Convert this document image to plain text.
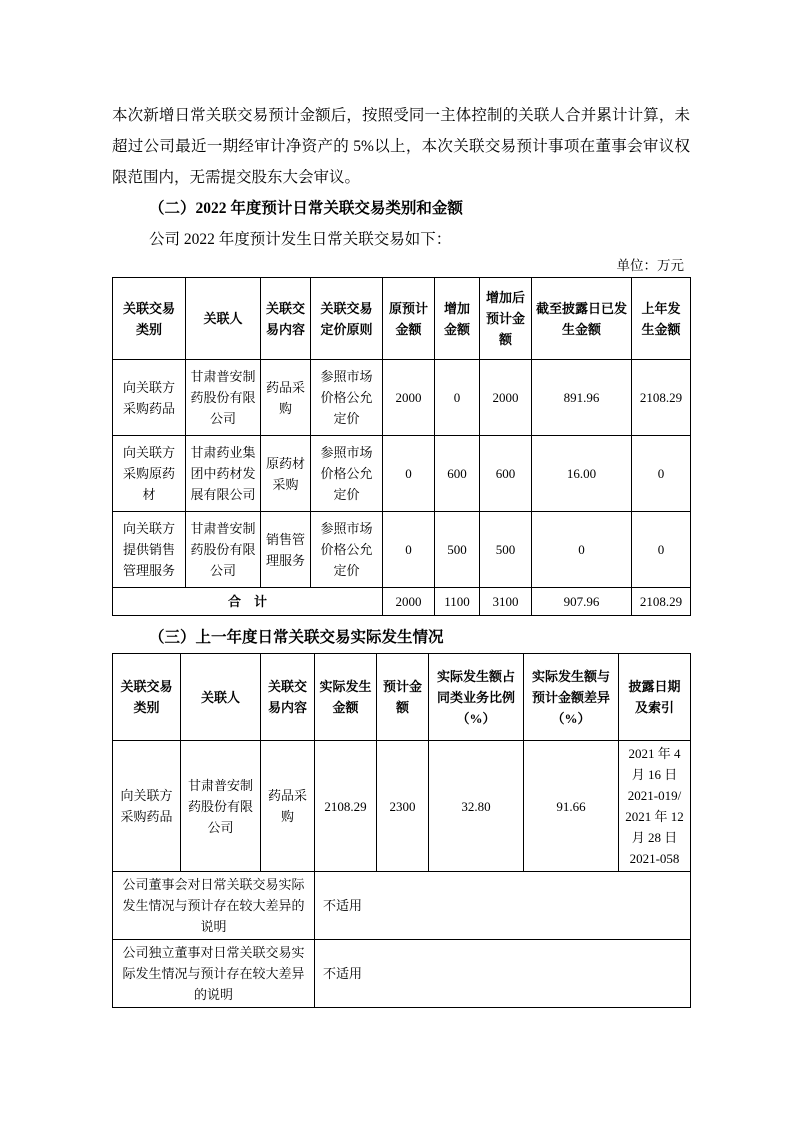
本次新增日常关联交易预计金额后，按照受同一主体控制的关联人合并累计计算，未超过公司最近一期经审计净资产的 5%以上，本次关联交易预计事项在董事会审议权限范围内，无需提交股东大会审议。

（二）2022 年度预计日常关联交易类别和金额

公司 2022 年度预计发生日常关联交易如下：

单位：万元
关联交易类别	关联人	关联交易内容	关联交易定价原则	原预计金额	增加金额	增加后预计金额	截至披露日已发生金额	上年发生金额
向关联方采购药品	甘肃普安制药股份有限公司	药品采购	参照市场价格公允定价	2000	0	2000	891.96	2108.29
向关联方采购原药材	甘肃药业集团中药材发展有限公司	原药材采购	参照市场价格公允定价	0	600	600	16.00	0
向关联方提供销售管理服务	甘肃普安制药股份有限公司	销售管理服务	参照市场价格公允定价	0	500	500	0	0
合　计				2000	1100	3100	907.96	2108.29
（三）上一年度日常关联交易实际发生情况
关联交易类别	关联人	关联交易内容	实际发生金额	预计金额	实际发生额占同类业务比例（%）	实际发生额与预计金额差异（%）	披露日期及索引
向关联方采购药品	甘肃普安制药股份有限公司	药品采购	2108.29	2300	32.80	91.66	2021 年 4 月 16 日 2021-019/ 2021 年 12 月 28 日 2021-058
公司董事会对日常关联交易实际发生情况与预计存在较大差异的说明			不适用				
公司独立董事对日常关联交易实际发生情况与预计存在较大差异的说明			不适用				
